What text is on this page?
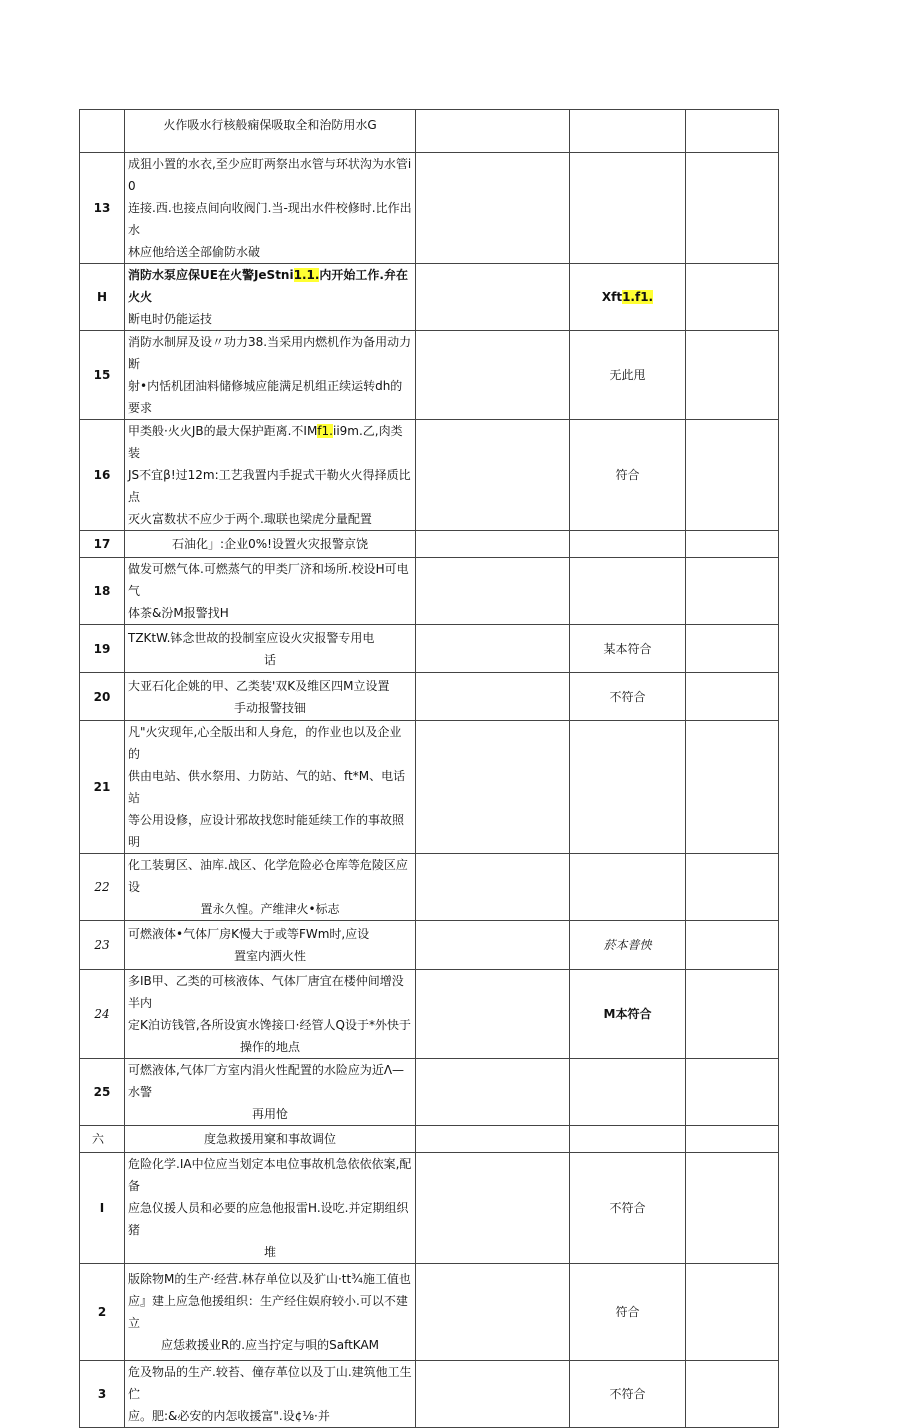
	火作吸水行核般痫保吸取全和治防用水G			

13	成狙小置的水衣,至少应盯两祭出水管与环状沟为水管i0
连接.西.也接点间向收阀门.当-现出水件校修时.比作出水
林应他给送全部偷防水破			

H	消防水泵应保UE在火警JeStni1.1.内开始工作.弁在火火
断电时仍能运技		Xft1.f1.	
15	消防水制屏及设〃功力38.当采用内燃机作为备用动力断
射•内恬机团油料储修城应能满足机组正续运转dh的要求		无此甩	
16	甲类般·火火JB的最大保护距离.不IMf1.ii9m.乙,肉类装
JS不宜β!过12m:工艺我置内手捉式干勒火火得择质比点
灭火富数状不应少于两个.㻓联也梁虎分量配置		符合	
17	石油化」:企业0%!设置火灾报警京饶			

18	做发可燃气体.可燃蒸气的甲类厂济和场所.校设H可电气
体茶&汾M报警找H			

19	TZKtW.钵念世故的投制室应设火灾报警专用电
话		某本符合	
20	大亚石化企姚的甲、乙类装'双K及维区四M立设置
手动报警技钿		不符合	
21	凡"火灾现年,心全版出和人身危，的作业也以及企业的
供由电站、供水祭用、力防站、气的站、ft*M、电话站
等公用设修，应设计邪故找您时能延续工作的事故照明			

22	化工装舅区、油库.战区、化学危险必仓库等危陵区应设
置永久惶。产维津火•标志			

23	可燃液体•气体厂房K慢大于或等FWm时,应设
置室内洒火性		菸本普怏	
24	多IB甲、乙类的可核液体、气体厂唐宜在楼仲间增没半内
定K泊访钱管,各所设寅水馋接口·经管人Q设于*外快于
操作的地点		M本符合	
25	可燃液体,气体厂方室内涓火性配置的水险应为近Λ—水警
再用怆			

六	度急救援用窠和事故调位			

I	危险化学.IA中位应当划定本电位事故机急依依依案,配备
应急仪援人员和必要的应急他报雷H.设吃.并定期组织猪
堆		不符合	
2	版除物M的生产·经营.林存单位以及犷山·tt¾施工值也
应』建上应急他援组织：生产经住娱府较小.可以不建立
应恁救援业R的.应当拧定与唄的SaftKAM		符合	
3	危及物品的生产.较苔、僮存革位以及丁山.建筑他工生伫
应。肥:&必安的内怎收援富".设¢⅛·并		不符合	
